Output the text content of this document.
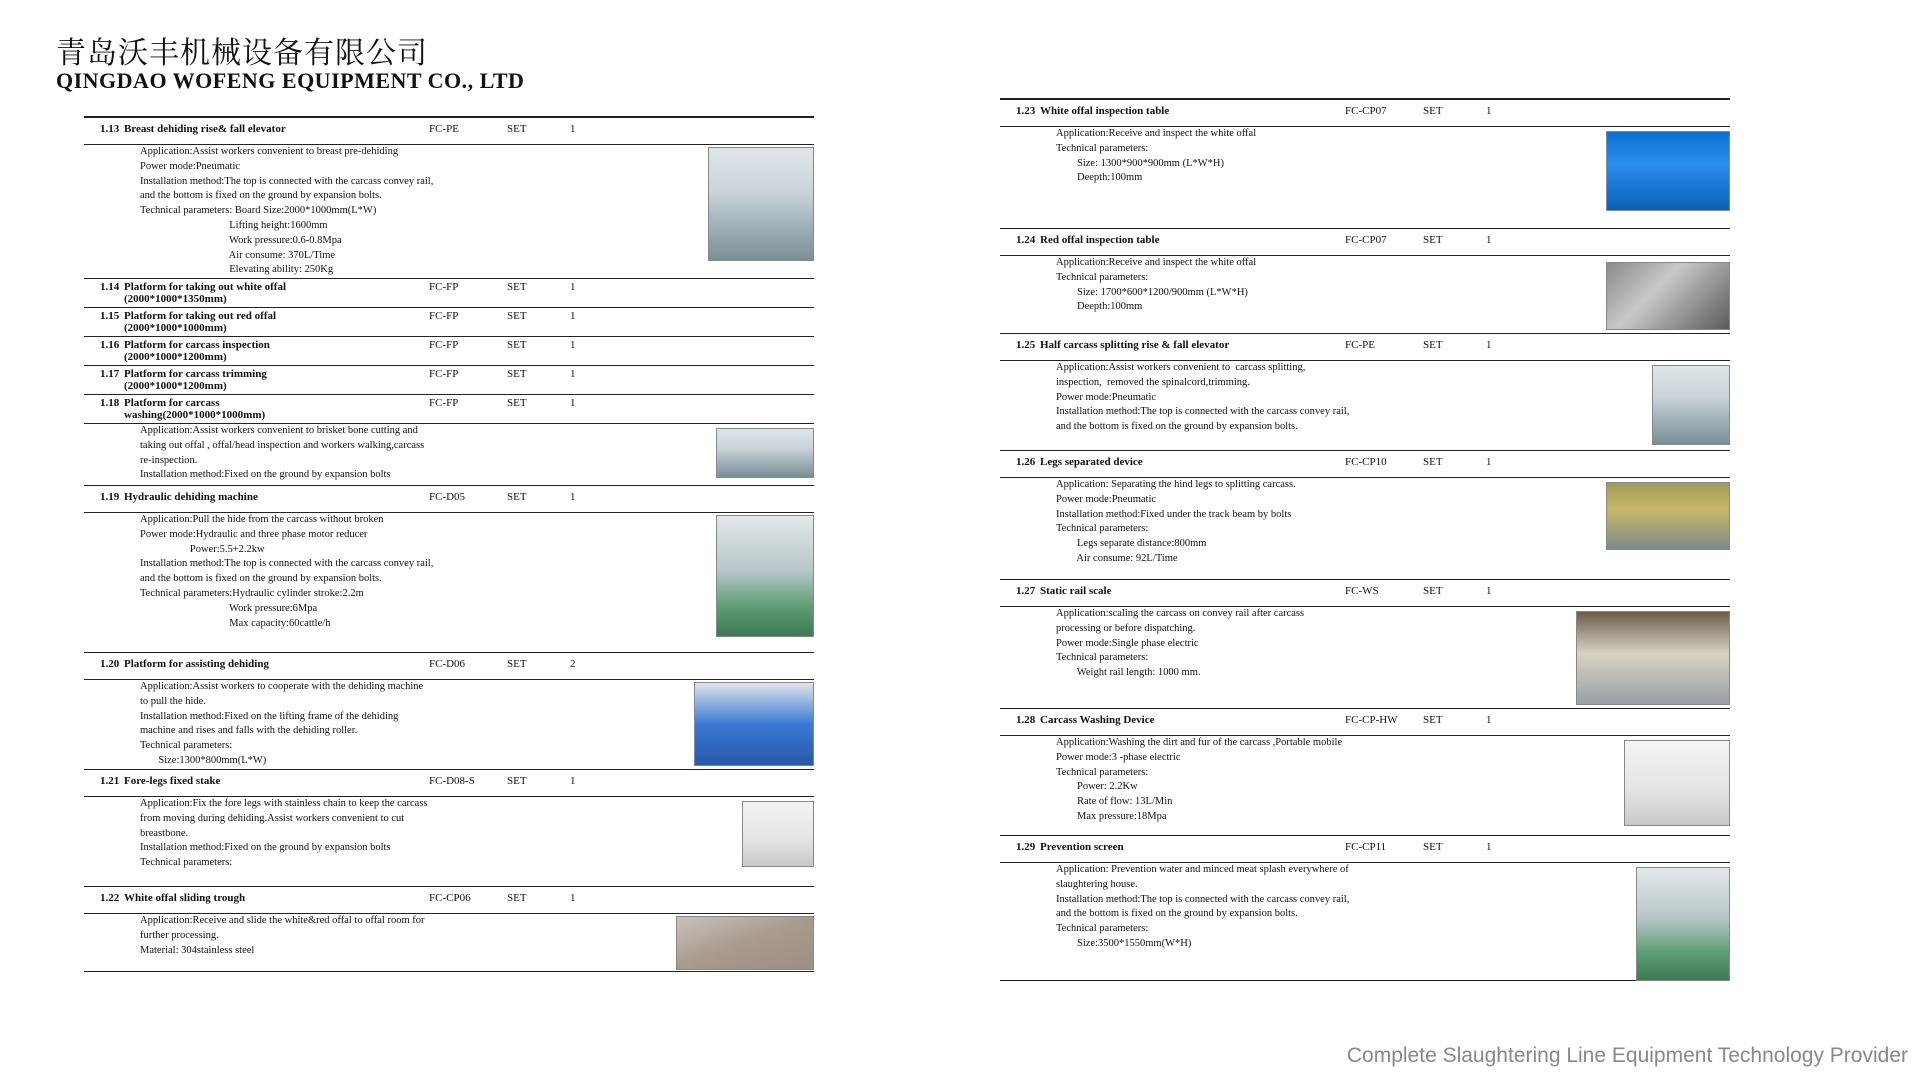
青岛沃丰机械设备有限公司
QINGDAO WOFENG EQUIPMENT CO., LTD
1.13 Breast dehiding rise& fall elevator	FC-PE	SET	1
Application:Assist workers convenient to breast pre-dehiding
Power mode:Pneumatic
Installation method:The top is connected with the carcass convey rail,
and the bottom is fixed on the ground by expansion bolts.
Technical parameters: Board Size:2000*1000mm(L*W)
Lifting height:1600mm
Work pressure:0.6-0.8Mpa
Air consume: 370L/Time
Elevating ability: 250Kg
1.14 Platform for taking out white offal
(2000*1000*1350mm)
FC-FP	SET	1
1.15 Platform for taking out red offal
(2000*1000*1000mm)
FC-FP	SET	1
1.16 Platform for carcass inspection
(2000*1000*1200mm)
FC-FP	SET	1
1.17 Platform for carcass trimming
(2000*1000*1200mm)
FC-FP	SET	1
1.18 Platform for carcass
washing(2000*1000*1000mm)
FC-FP	SET	1
Application:Assist workers convenient to brisket bone cutting and
taking out offal , offal/head inspection and workers walking,carcass
re-inspection.
Installation method:Fixed on the ground by expansion bolts
1.19 Hydraulic dehiding machine	FC-D05	SET	1
Application:Pull the hide from the carcass without broken
Power mode:Hydraulic and three phase motor reducer
Power:5.5+2.2kw
Installation method:The top is connected with the carcass convey rail,
and the bottom is fixed on the ground by expansion bolts.
Technical parameters:Hydraulic cylinder stroke:2.2m
Work pressure:6Mpa
Max capacity:60cattle/h
1.20 Platform for assisting dehiding	FC-D06	SET	2
Application:Assist workers to cooperate with the dehiding machine
to pull the hide.
Installation method:Fixed on the lifting frame of the dehiding
machine and rises and falls with the dehiding roller.
Technical parameters:
Size:1300*800mm(L*W)
1.21 Fore-legs fixed stake	FC-D08-S	SET	1
Application:Fix the fore legs with stainless chain to keep the carcass
from moving during dehiding.Assist workers convenient to cut
breastbone.
Installation method:Fixed on the ground by expansion bolts
Technical parameters:
1.22 White offal sliding trough	FC-CP06	SET	1
Application:Receive and slide the white&red offal to offal room for
further processing.
Material: 304stainless steel
1.23 White offal inspection table	FC-CP07	SET	1
Application:Receive and inspect the white offal
Technical parameters:
Size: 1300*900*900mm (L*W*H)
Deepth:100mm
1.24 Red offal inspection table	FC-CP07	SET	1
Application:Receive and inspect the white offal
Technical parameters:
Size: 1700*600*1200/900mm (L*W*H)
Deepth:100mm
1.25 Half carcass splitting rise & fall elevator	FC-PE	SET	1
Application:Assist workers convenient to  carcass splitting,
inspection,  removed the spinalcord,trimming.
Power mode:Pneumatic
Installation method:The top is connected with the carcass convey rail,
and the bottom is fixed on the ground by expansion bolts.
1.26 Legs separated device	FC-CP10	SET	1
Application: Separating the hind legs to splitting carcass.
Power mode:Pneumatic
Installation method:Fixed under the track beam by bolts
Technical parameters:
Legs separate distance:800mm
Air consume: 92L/Time
1.27 Static rail scale	FC-WS	SET	1
Application:scaling the carcass on convey rail after carcass
processing or before dispatching.
Power mode:Single phase electric
Technical parameters:
Weight rail length: 1000 mm.
1.28 Carcass Washing Device	FC-CP-HW	SET	1
Application:Washing the dirt and fur of the carcass ,Portable mobile
Power mode:3 -phase electric
Technical parameters:
Power: 2.2Kw
Rate of flow: 13L/Min
Max pressure:18Mpa
1.29 Prevention screen	FC-CP11	SET	1
Application: Prevention water and minced meat splash everywhere of
slaughtering house.
Installation method:The top is connected with the carcass convey rail,
and the bottom is fixed on the ground by expansion bolts.
Technical parameters:
Size:3500*1550mm(W*H)
Complete Slaughtering Line Equipment Technology Provider
